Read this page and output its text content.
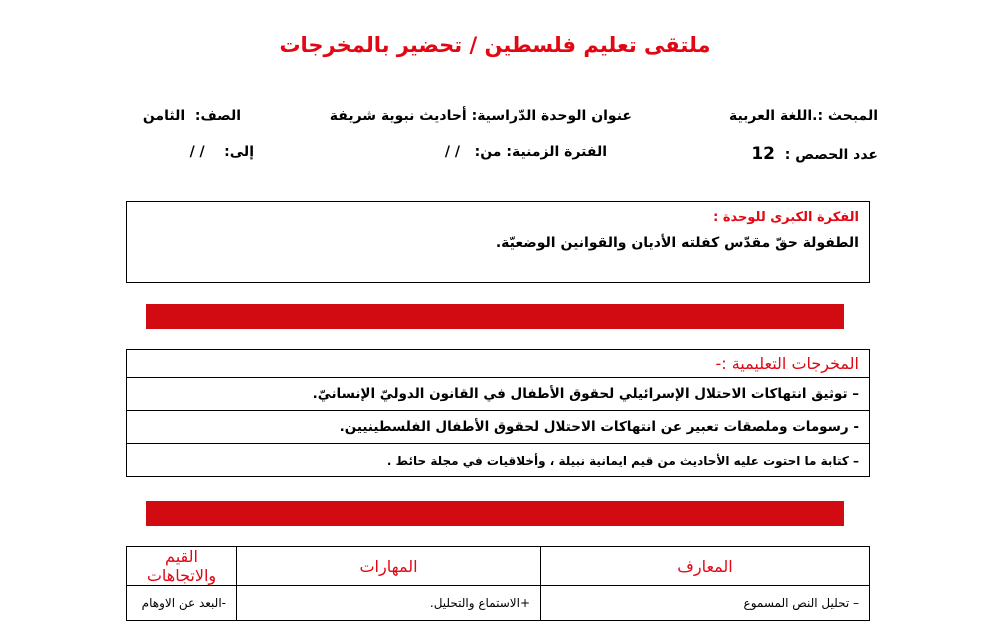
ملتقى تعليم فلسطين / تحضير بالمخرجات
المبحث :.اللغة العربية
عنوان الوحدة الدّراسية: أحاديث نبوية شريفة
الصف:  الثامن
عدد الحصص :  12
الفترة الزمنية: من:   / /
إلى:    / /
الفكرة الكبرى للوحدة :
الطفولة حقّ مقدّس كفلته الأديان والقوانين الوضعيّة.
المخرجات التعليمية :-
– توثيق انتهاكات الاحتلال الإسرائيلي لحقوق الأطفال في القانون الدوليّ الإنسانيّ.
- رسومات وملصقات تعبير عن انتهاكات الاحتلال لحقوق الأطفال الفلسطينيين.
– كتابة ما احتوت عليه الأحاديث من قيم ايمانية نبيلة ، وأخلاقيات في مجلة حائط .
المعارف	المهارات	القيم والاتجاهات
– تحليل النص المسموع	+الاستماع والتحليل.	-البعد عن الاوهام
